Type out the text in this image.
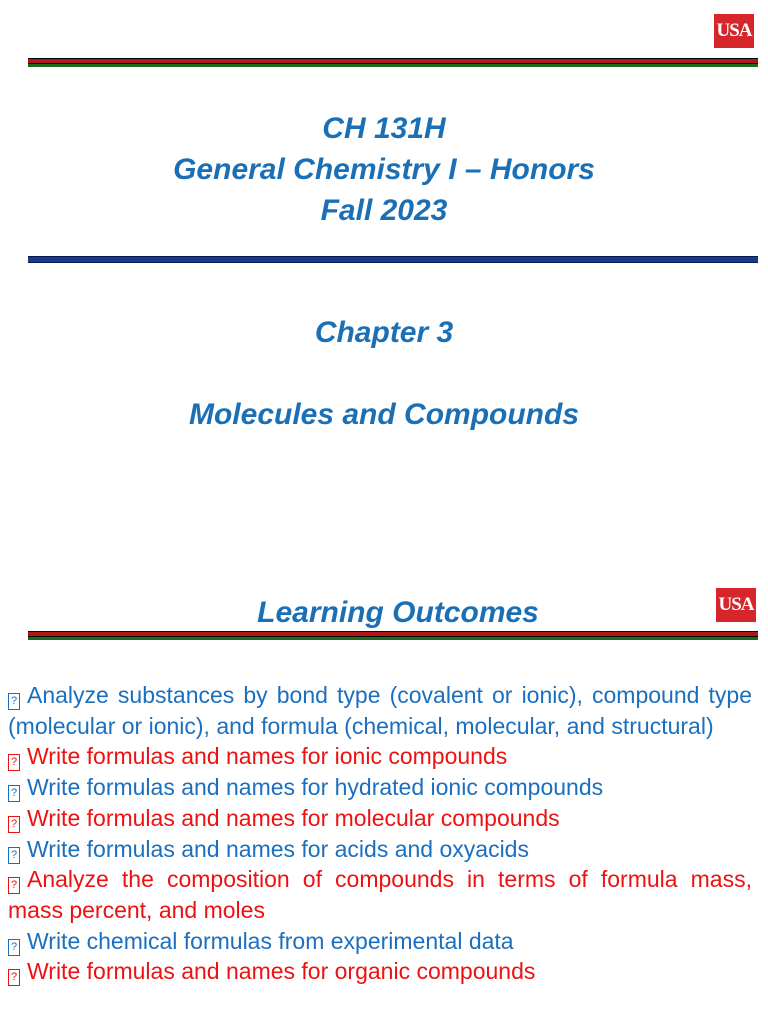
USA
CH 131H
General Chemistry I – Honors
Fall 2023
Chapter 3
Molecules and Compounds
Learning Outcomes	USA
? Analyze substances by bond type (covalent or ionic), compound type (molecular or ionic), and formula (chemical, molecular, and structural)
? Write formulas and names for ionic compounds
? Write formulas and names for hydrated ionic compounds
? Write formulas and names for molecular compounds
? Write formulas and names for acids and oxyacids
? Analyze the composition of compounds in terms of formula mass, mass percent, and moles
? Write chemical formulas from experimental data
? Write formulas and names for organic compounds
